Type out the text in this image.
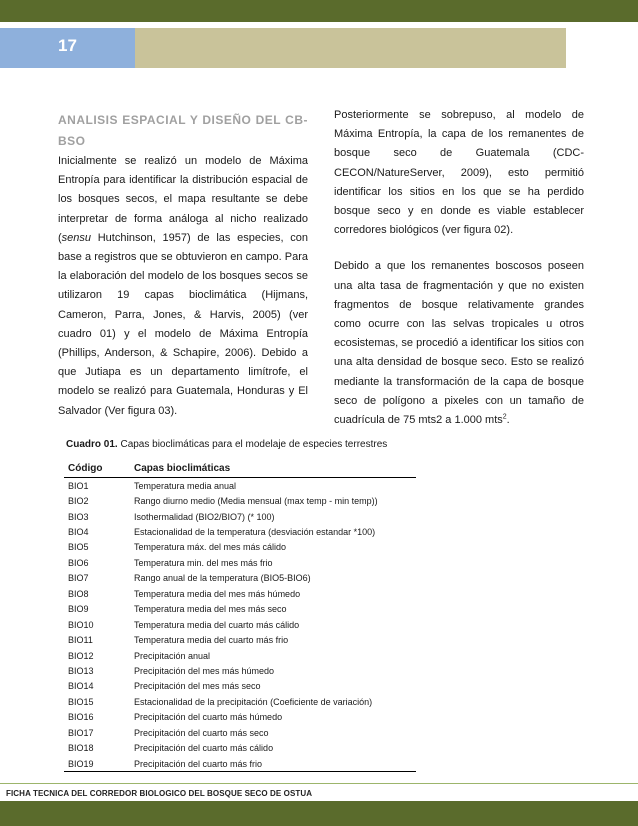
17
ANALISIS ESPACIAL Y DISEÑO DEL CB-BSO

Inicialmente se realizó un modelo de Máxima Entropía para identificar la distribución espacial de los bosques secos, el mapa resultante se debe interpretar de forma análoga al nicho realizado (sensu Hutchinson, 1957) de las especies, con base a registros que se obtuvieron en campo. Para la elaboración del modelo de los bosques secos se utilizaron 19 capas bioclimática (Hijmans, Cameron, Parra, Jones, & Harvis, 2005) (ver cuadro 01) y el modelo de Máxima Entropía (Phillips, Anderson, & Schapire, 2006). Debido a que Jutiapa es un departamento limítrofe, el modelo se realizó para Guatemala, Honduras y El Salvador (Ver figura 03).

Posteriormente se sobrepuso, al modelo de Máxima Entropía, la capa de los remanentes de bosque seco de Guatemala (CDC-CECON/NatureServer, 2009), esto permitió identificar los sitios en los que se ha perdido bosque seco y en donde es viable establecer corredores biológicos (ver figura 02).

Debido a que los remanentes boscosos poseen una alta tasa de fragmentación y que no existen fragmentos de bosque relativamente grandes como ocurre con las selvas tropicales u otros ecosistemas, se procedió a identificar los sitios con una alta densidad de bosque seco. Esto se realizó mediante la transformación de la capa de bosque seco de polígono a pixeles con un tamaño de cuadrícula de 75 mts2 a 1.000 mts$^2$.

Cuadro 01. Capas bioclimáticas para el modelaje de especies terrestres
Código	Capas bioclimáticas
BIO1	Temperatura media anual
BIO2	Rango diurno medio (Media mensual (max temp - min temp))
BIO3	Isothermalidad (BIO2/BIO7) (* 100)
BIO4	Estacionalidad de la temperatura (desviación estandar *100)
BIO5	Temperatura máx. del mes más cálido
BIO6	Temperatura min. del mes más frio
BIO7	Rango anual de la temperatura (BIO5-BIO6)
BIO8	Temperatura media del mes más húmedo
BIO9	Temperatura media del mes más seco
BIO10	Temperatura media del cuarto más cálido
BIO11	Temperatura media del cuarto más frio
BIO12	Precipitación anual
BIO13	Precipitación del mes más húmedo
BIO14	Precipitación del mes más seco
BIO15	Estacionalidad de la precipitación (Coeficiente de variación)
BIO16	Precipitación del cuarto más húmedo
BIO17	Precipitación del cuarto más seco
BIO18	Precipitación del cuarto más cálido
BIO19	Precipitación del cuarto más frio
FICHA TECNICA DEL CORREDOR BIOLOGICO DEL BOSQUE SECO DE OSTUA
